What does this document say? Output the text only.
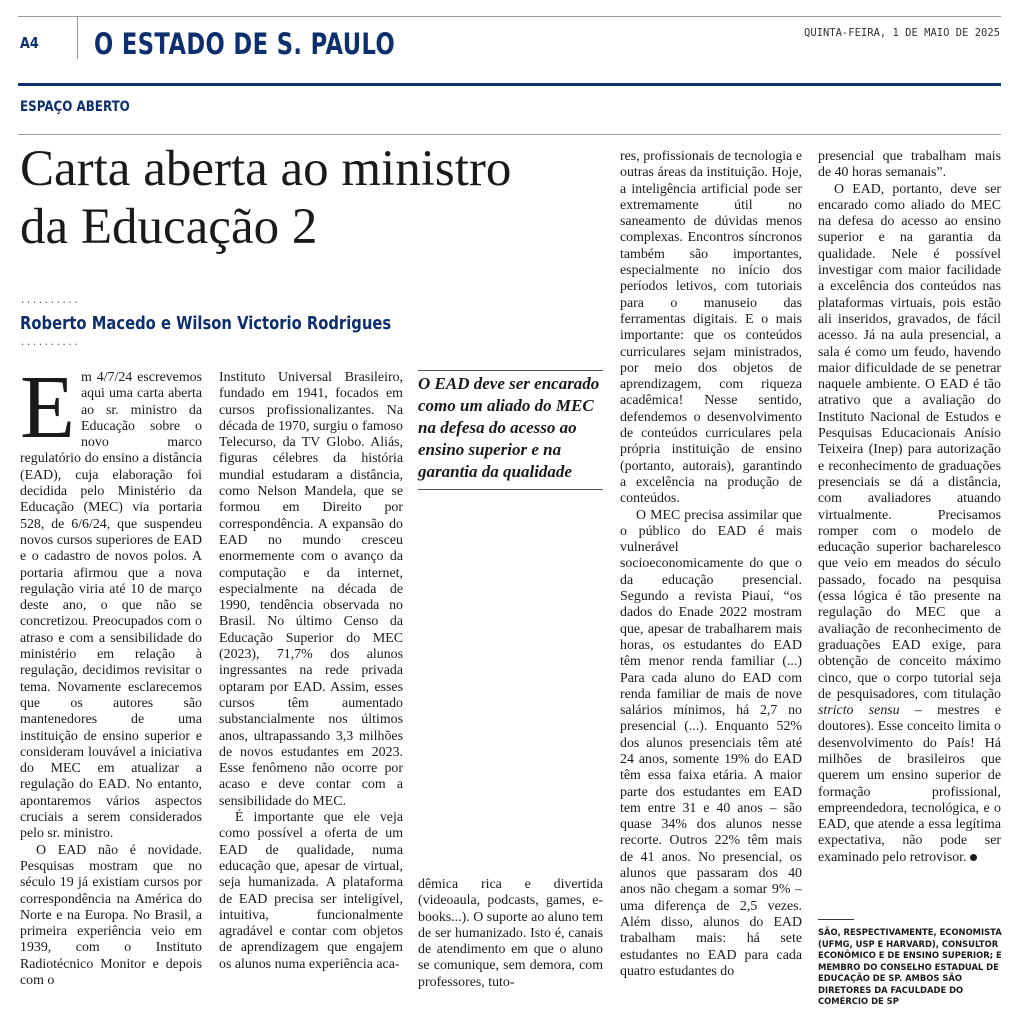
A4 O ESTADO DE S. PAULO	QUINTA-FEIRA, 1 DE MAIO DE 2025
ESPAÇO ABERTO
Carta aberta ao ministro
da Educação 2
..........
Roberto Macedo e Wilson Victorio Rodrigues
..........

Em 4/7/24 escrevemos aqui uma carta aberta ao sr. ministro da Educação sobre o novo marco regulatório do ensino a distância (EAD), cuja elaboração foi decidida pelo Ministério da Educação (MEC) via portaria 528, de 6/6/24, que suspendeu novos cursos superiores de EAD e o cadastro de novos polos. A portaria afirmou que a nova regulação viria até 10 de março deste ano, o que não se concretizou. Preocupados com o atraso e com a sensibilidade do ministério em relação à regulação, decidimos revisitar o tema. Novamente esclarecemos que os autores são mantenedores de uma instituição de ensino superior e consideram louvável a iniciativa do MEC em atualizar a regulação do EAD. No entanto, apontaremos vários aspectos cruciais a serem considerados pelo sr. ministro.

O EAD não é novidade. Pesquisas mostram que no século 19 já existiam cursos por correspondência na América do Norte e na Europa. No Brasil, a primeira experiência veio em 1939, com o Instituto Radiotécnico Monitor e depois com o

Instituto Universal Brasileiro, fundado em 1941, focados em cursos profissionalizantes. Na década de 1970, surgiu o famoso Telecurso, da TV Globo. Aliás, figuras célebres da história mundial estudaram a distância, como Nelson Mandela, que se formou em Direito por correspondência. A expansão do EAD no mundo cresceu enormemente com o avanço da computação e da internet, especialmente na década de 1990, tendência observada no Brasil. No último Censo da Educação Superior do MEC (2023), 71,7% dos alunos ingressantes na rede privada optaram por EAD. Assim, esses cursos têm aumentado substancialmente nos últimos anos, ultrapassando 3,3 milhões de novos estudantes em 2023. Esse fenômeno não ocorre por acaso e deve contar com a sensibilidade do MEC.

É importante que ele veja como possível a oferta de um EAD de qualidade, numa educação que, apesar de virtual, seja humanizada. A plataforma de EAD precisa ser inteligível, intuitiva, funcionalmente agradável e contar com objetos de aprendizagem que engajem os alunos numa experiência aca-

O EAD deve ser encarado como um aliado do MEC na defesa do acesso ao ensino superior e na garantia da qualidade

dêmica rica e divertida (videoaula, podcasts, games, e-books...). O suporte ao aluno tem de ser humanizado. Isto é, canais de atendimento em que o aluno se comunique, sem demora, com professores, tuto-

res, profissionais de tecnologia e outras áreas da instituição. Hoje, a inteligência artificial pode ser extremamente útil no saneamento de dúvidas menos complexas. Encontros síncronos também são importantes, especialmente no início dos períodos letivos, com tutoriais para o manuseio das ferramentas digitais. E o mais importante: que os conteúdos curriculares sejam ministrados, por meio dos objetos de aprendizagem, com riqueza acadêmica! Nesse sentido, defendemos o desenvolvimento de conteúdos curriculares pela própria instituição de ensino (portanto, autorais), garantindo a excelência na produção de conteúdos.

O MEC precisa assimilar que o público do EAD é mais vulnerável socioeconomicamente do que o da educação presencial. Segundo a revista Piauí, “os dados do Enade 2022 mostram que, apesar de trabalharem mais horas, os estudantes do EAD têm menor renda familiar (...) Para cada aluno do EAD com renda familiar de mais de nove salários mínimos, há 2,7 no presencial (...). Enquanto 52% dos alunos presenciais têm até 24 anos, somente 19% do EAD têm essa faixa etária. A maior parte dos estudantes em EAD tem entre 31 e 40 anos – são quase 34% dos alunos nesse recorte. Outros 22% têm mais de 41 anos. No presencial, os alunos que passaram dos 40 anos não chegam a somar 9% – uma diferença de 2,5 vezes. Além disso, alunos do EAD trabalham mais: há sete estudantes no EAD para cada quatro estudantes do

presencial que trabalham mais de 40 horas semanais”.

O EAD, portanto, deve ser encarado como aliado do MEC na defesa do acesso ao ensino superior e na garantia da qualidade. Nele é possível investigar com maior facilidade a excelência dos conteúdos nas plataformas virtuais, pois estão ali inseridos, gravados, de fácil acesso. Já na aula presencial, a sala é como um feudo, havendo maior dificuldade de se penetrar naquele ambiente. O EAD é tão atrativo que a avaliação do Instituto Nacional de Estudos e Pesquisas Educacionais Anísio Teixeira (Inep) para autorização e reconhecimento de graduações presenciais se dá a distância, com avaliadores atuando virtualmente. Precisamos romper com o modelo de educação superior bacharelesco que veio em meados do século passado, focado na pesquisa (essa lógica é tão presente na regulação do MEC que a avaliação de reconhecimento de graduações EAD exige, para obtenção de conceito máximo cinco, que o corpo tutorial seja de pesquisadores, com titulação stricto sensu – mestres e doutores). Esse conceito limita o desenvolvimento do País! Há milhões de brasileiros que querem um ensino superior de formação profissional, empreendedora, tecnológica, e o EAD, que atende a essa legítima expectativa, não pode ser examinado pelo retrovisor.

SÃO, RESPECTIVAMENTE, ECONOMISTA (UFMG, USP E HARVARD), CONSULTOR ECONÔMICO E DE ENSINO SUPERIOR; E MEMBRO DO CONSELHO ESTADUAL DE EDUCAÇÃO DE SP. AMBOS SÃO DIRETORES DA FACULDADE DO COMÉRCIO DE SP
